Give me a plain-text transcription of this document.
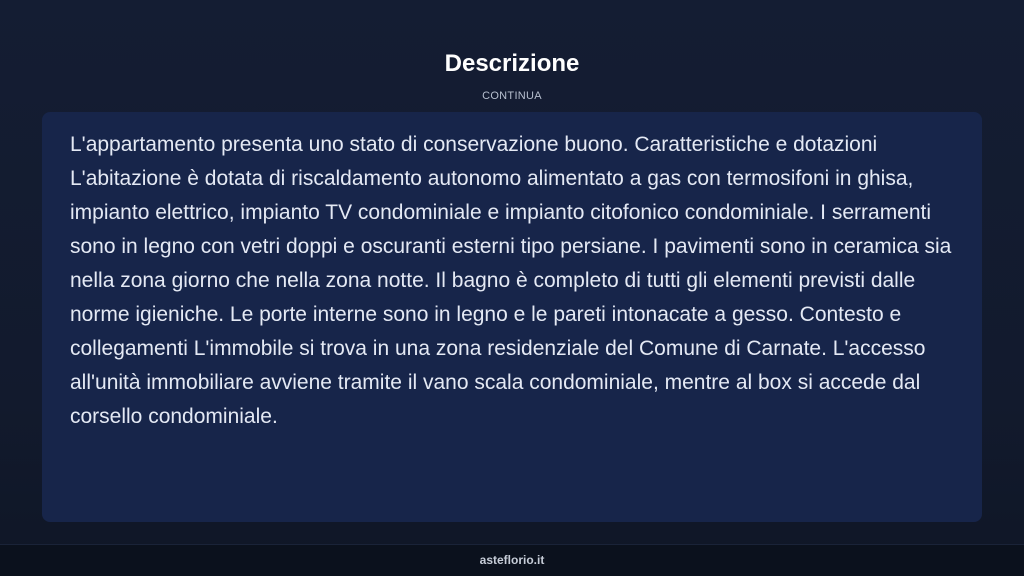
Descrizione
CONTINUA

L'appartamento presenta uno stato di conservazione buono. Caratteristiche e dotazioni L'abitazione è dotata di riscaldamento autonomo alimentato a gas con termosifoni in ghisa, impianto elettrico, impianto TV condominiale e impianto citofonico condominiale. I serramenti sono in legno con vetri doppi e oscuranti esterni tipo persiane. I pavimenti sono in ceramica sia nella zona giorno che nella zona notte. Il bagno è completo di tutti gli elementi previsti dalle norme igieniche. Le porte interne sono in legno e le pareti intonacate a gesso. Contesto e collegamenti L'immobile si trova in una zona residenziale del Comune di Carnate. L'accesso all'unità immobiliare avviene tramite il vano scala condominiale, mentre al box si accede dal corsello condominiale.

asteflorio.it
